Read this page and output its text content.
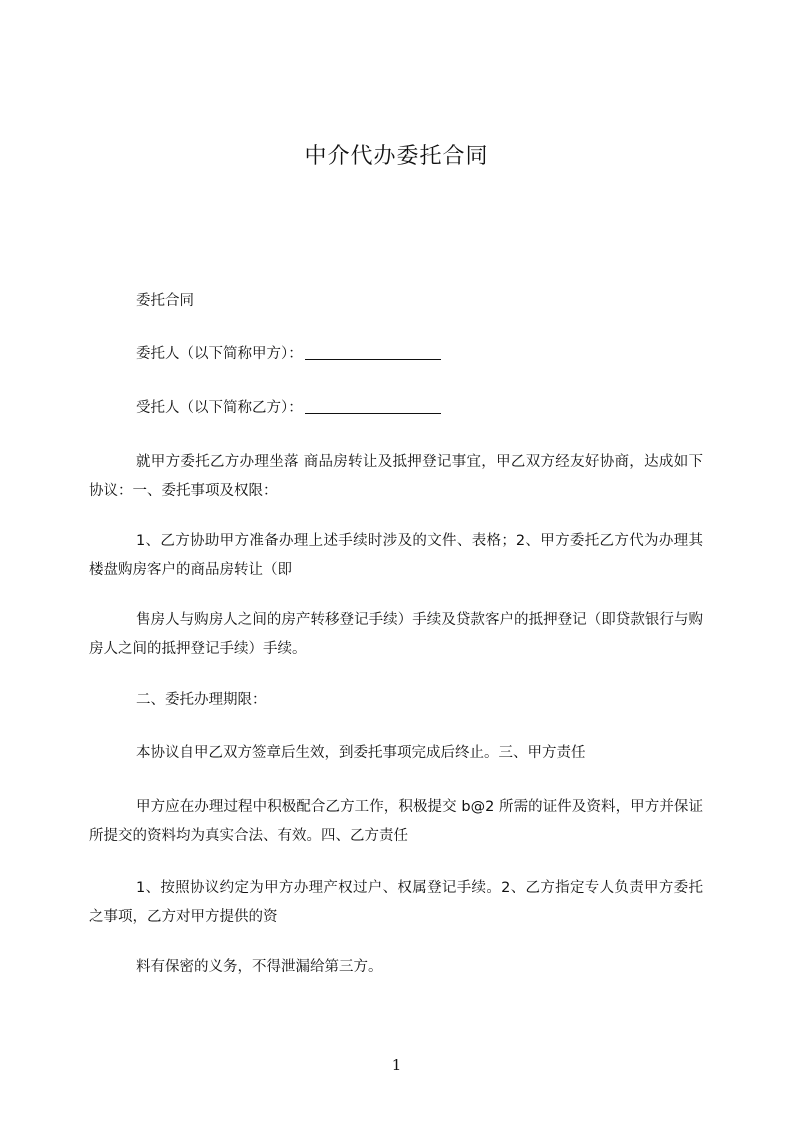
中介代办委托合同
委托合同
委托人（以下简称甲方）：
受托人（以下简称乙方）：
就甲方委托乙方办理坐落 商品房转让及抵押登记事宜，甲乙双方经友好协商，达成如下协议：一、委托事项及权限：
1、乙方协助甲方准备办理上述手续时涉及的文件、表格；2、甲方委托乙方代为办理其楼盘购房客户的商品房转让（即
售房人与购房人之间的房产转移登记手续）手续及贷款客户的抵押登记（即贷款银行与购房人之间的抵押登记手续）手续。
二、委托办理期限：
本协议自甲乙双方签章后生效，到委托事项完成后终止。三、甲方责任
甲方应在办理过程中积极配合乙方工作，积极提交 b@2 所需的证件及资料，甲方并保证所提交的资料均为真实合法、有效。四、乙方责任
1、按照协议约定为甲方办理产权过户、权属登记手续。2、乙方指定专人负责甲方委托之事项，乙方对甲方提供的资
料有保密的义务，不得泄漏给第三方。
1
